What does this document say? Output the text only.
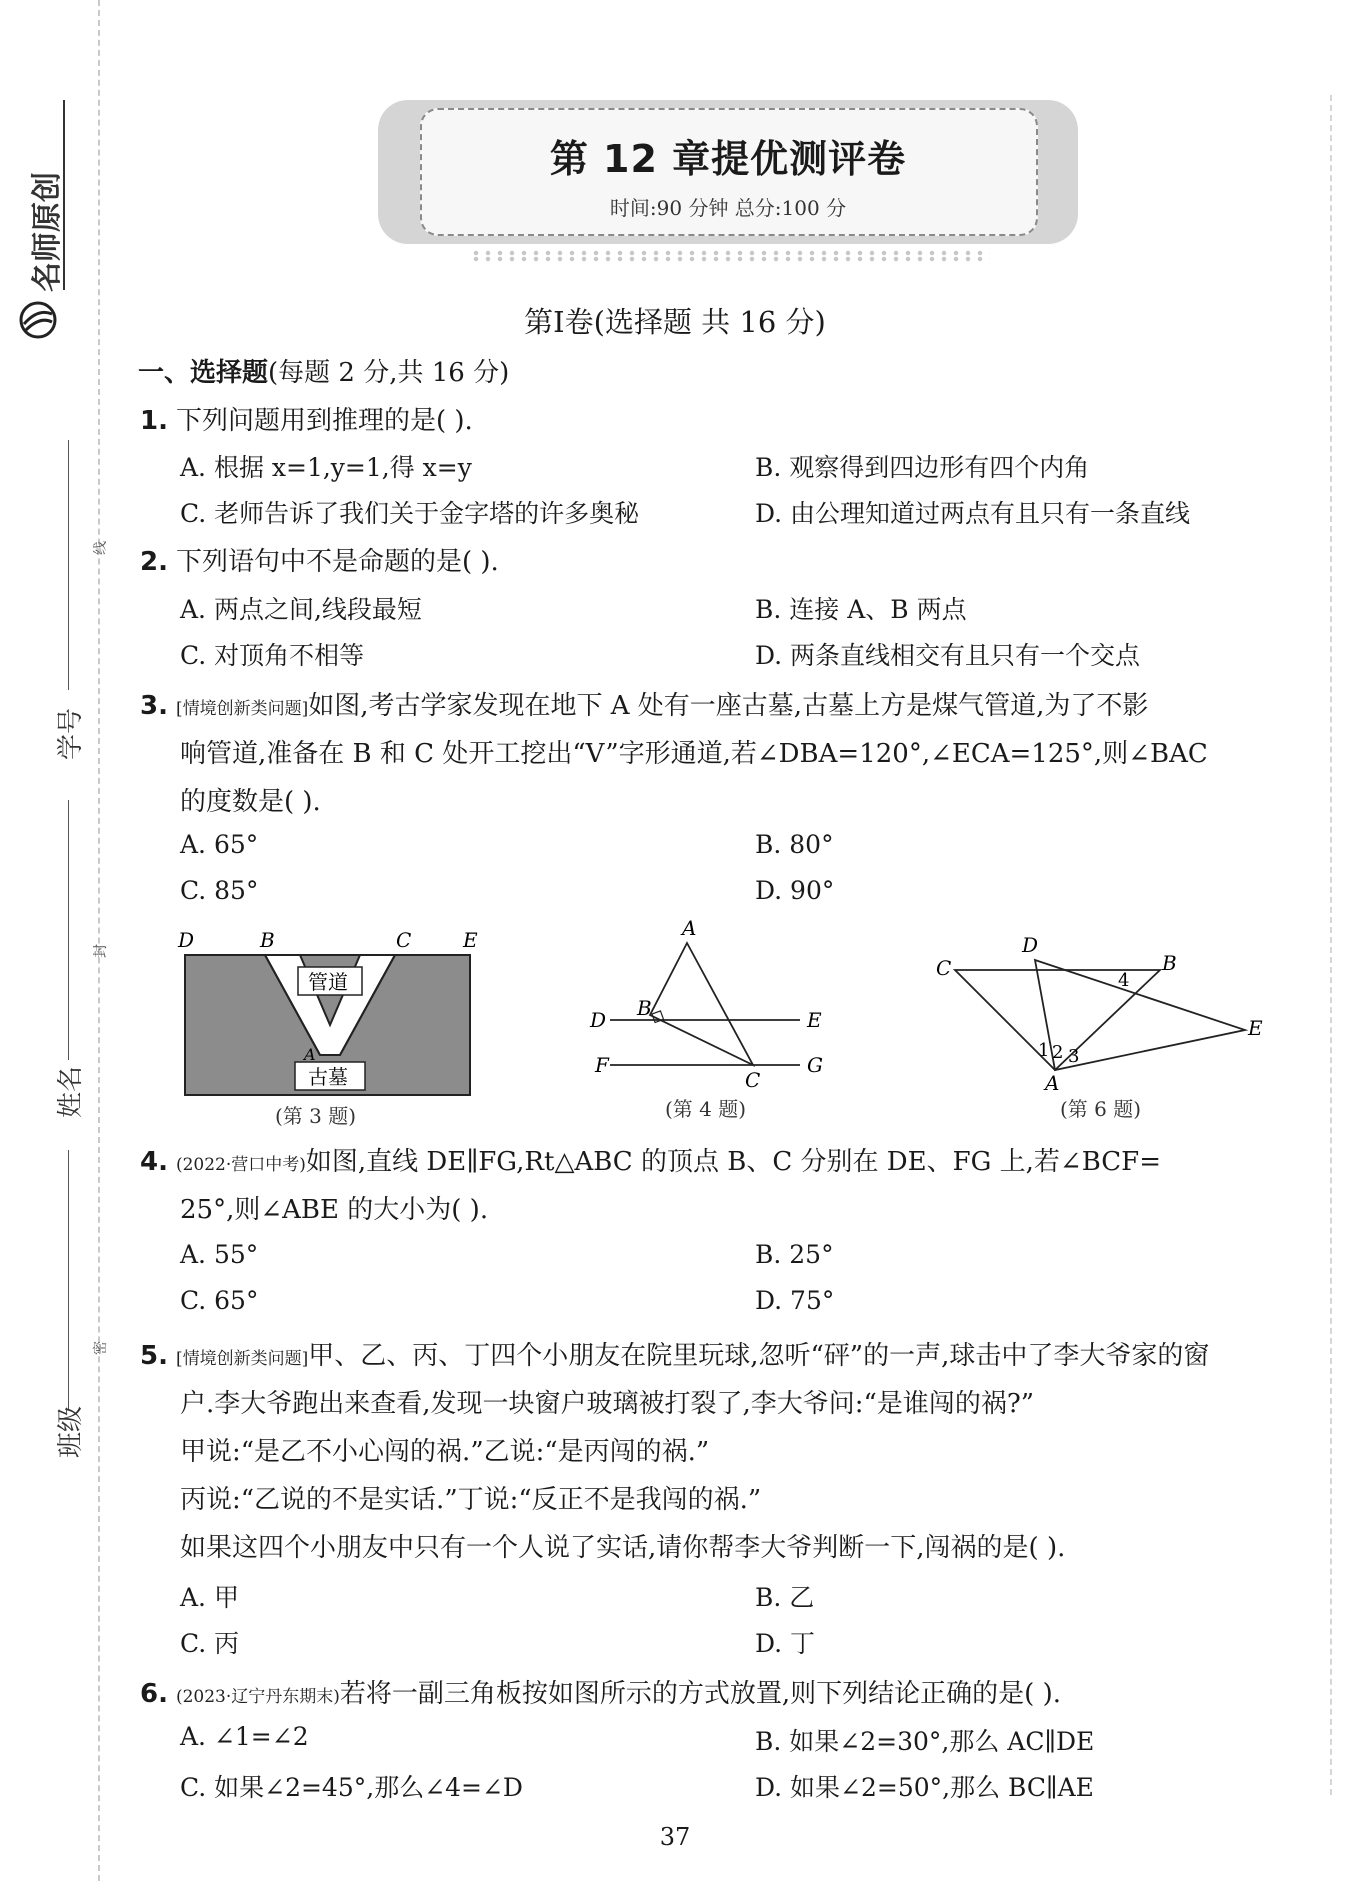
名师原创
学号
姓名
班级
线
封
密
第 12 章提优测评卷
时间:90 分钟 总分:100 分
第Ⅰ卷(选择题 共 16 分)
一、选择题(每题 2 分,共 16 分)
1. 下列问题用到推理的是( ).
A. 根据 x=1,y=1,得 x=y	B. 观察得到四边形有四个内角
C. 老师告诉了我们关于金字塔的许多奥秘	D. 由公理知道过两点有且只有一条直线
2. 下列语句中不是命题的是( ).
A. 两点之间,线段最短	B. 连接 A、B 两点
C. 对顶角不相等	D. 两条直线相交有且只有一个交点
3. [情境创新类问题]如图,考古学家发现在地下 A 处有一座古墓,古墓上方是煤气管道,为了不影
响管道,准备在 B 和 C 处开工挖出“V”字形通道,若∠DBA=120°,∠ECA=125°,则∠BAC
的度数是( ).
A. 65°	B. 80°
C. 85°	D. 90°
D	B	C	E
A
管道
古墓
(第 3 题)
A
B
D	E
F
C
G
(第 4 题)
C
D
B
4
E
1 2 3
A
(第 6 题)
4. (2022·营口中考)如图,直线 DE∥FG,Rt△ABC 的顶点 B、C 分别在 DE、FG 上,若∠BCF=
25°,则∠ABE 的大小为( ).
A. 55°	B. 25°
C. 65°	D. 75°
5. [情境创新类问题]甲、乙、丙、丁四个小朋友在院里玩球,忽听“砰”的一声,球击中了李大爷家的窗
户.李大爷跑出来查看,发现一块窗户玻璃被打裂了,李大爷问:“是谁闯的祸?”
甲说:“是乙不小心闯的祸.”乙说:“是丙闯的祸.”
丙说:“乙说的不是实话.”丁说:“反正不是我闯的祸.”
如果这四个小朋友中只有一个人说了实话,请你帮李大爷判断一下,闯祸的是( ).
A. 甲	B. 乙
C. 丙	D. 丁
6. (2023·辽宁丹东期末)若将一副三角板按如图所示的方式放置,则下列结论正确的是( ).
A. ∠1=∠2	B. 如果∠2=30°,那么 AC∥DE
C. 如果∠2=45°,那么∠4=∠D	D. 如果∠2=50°,那么 BC∥AE
37
